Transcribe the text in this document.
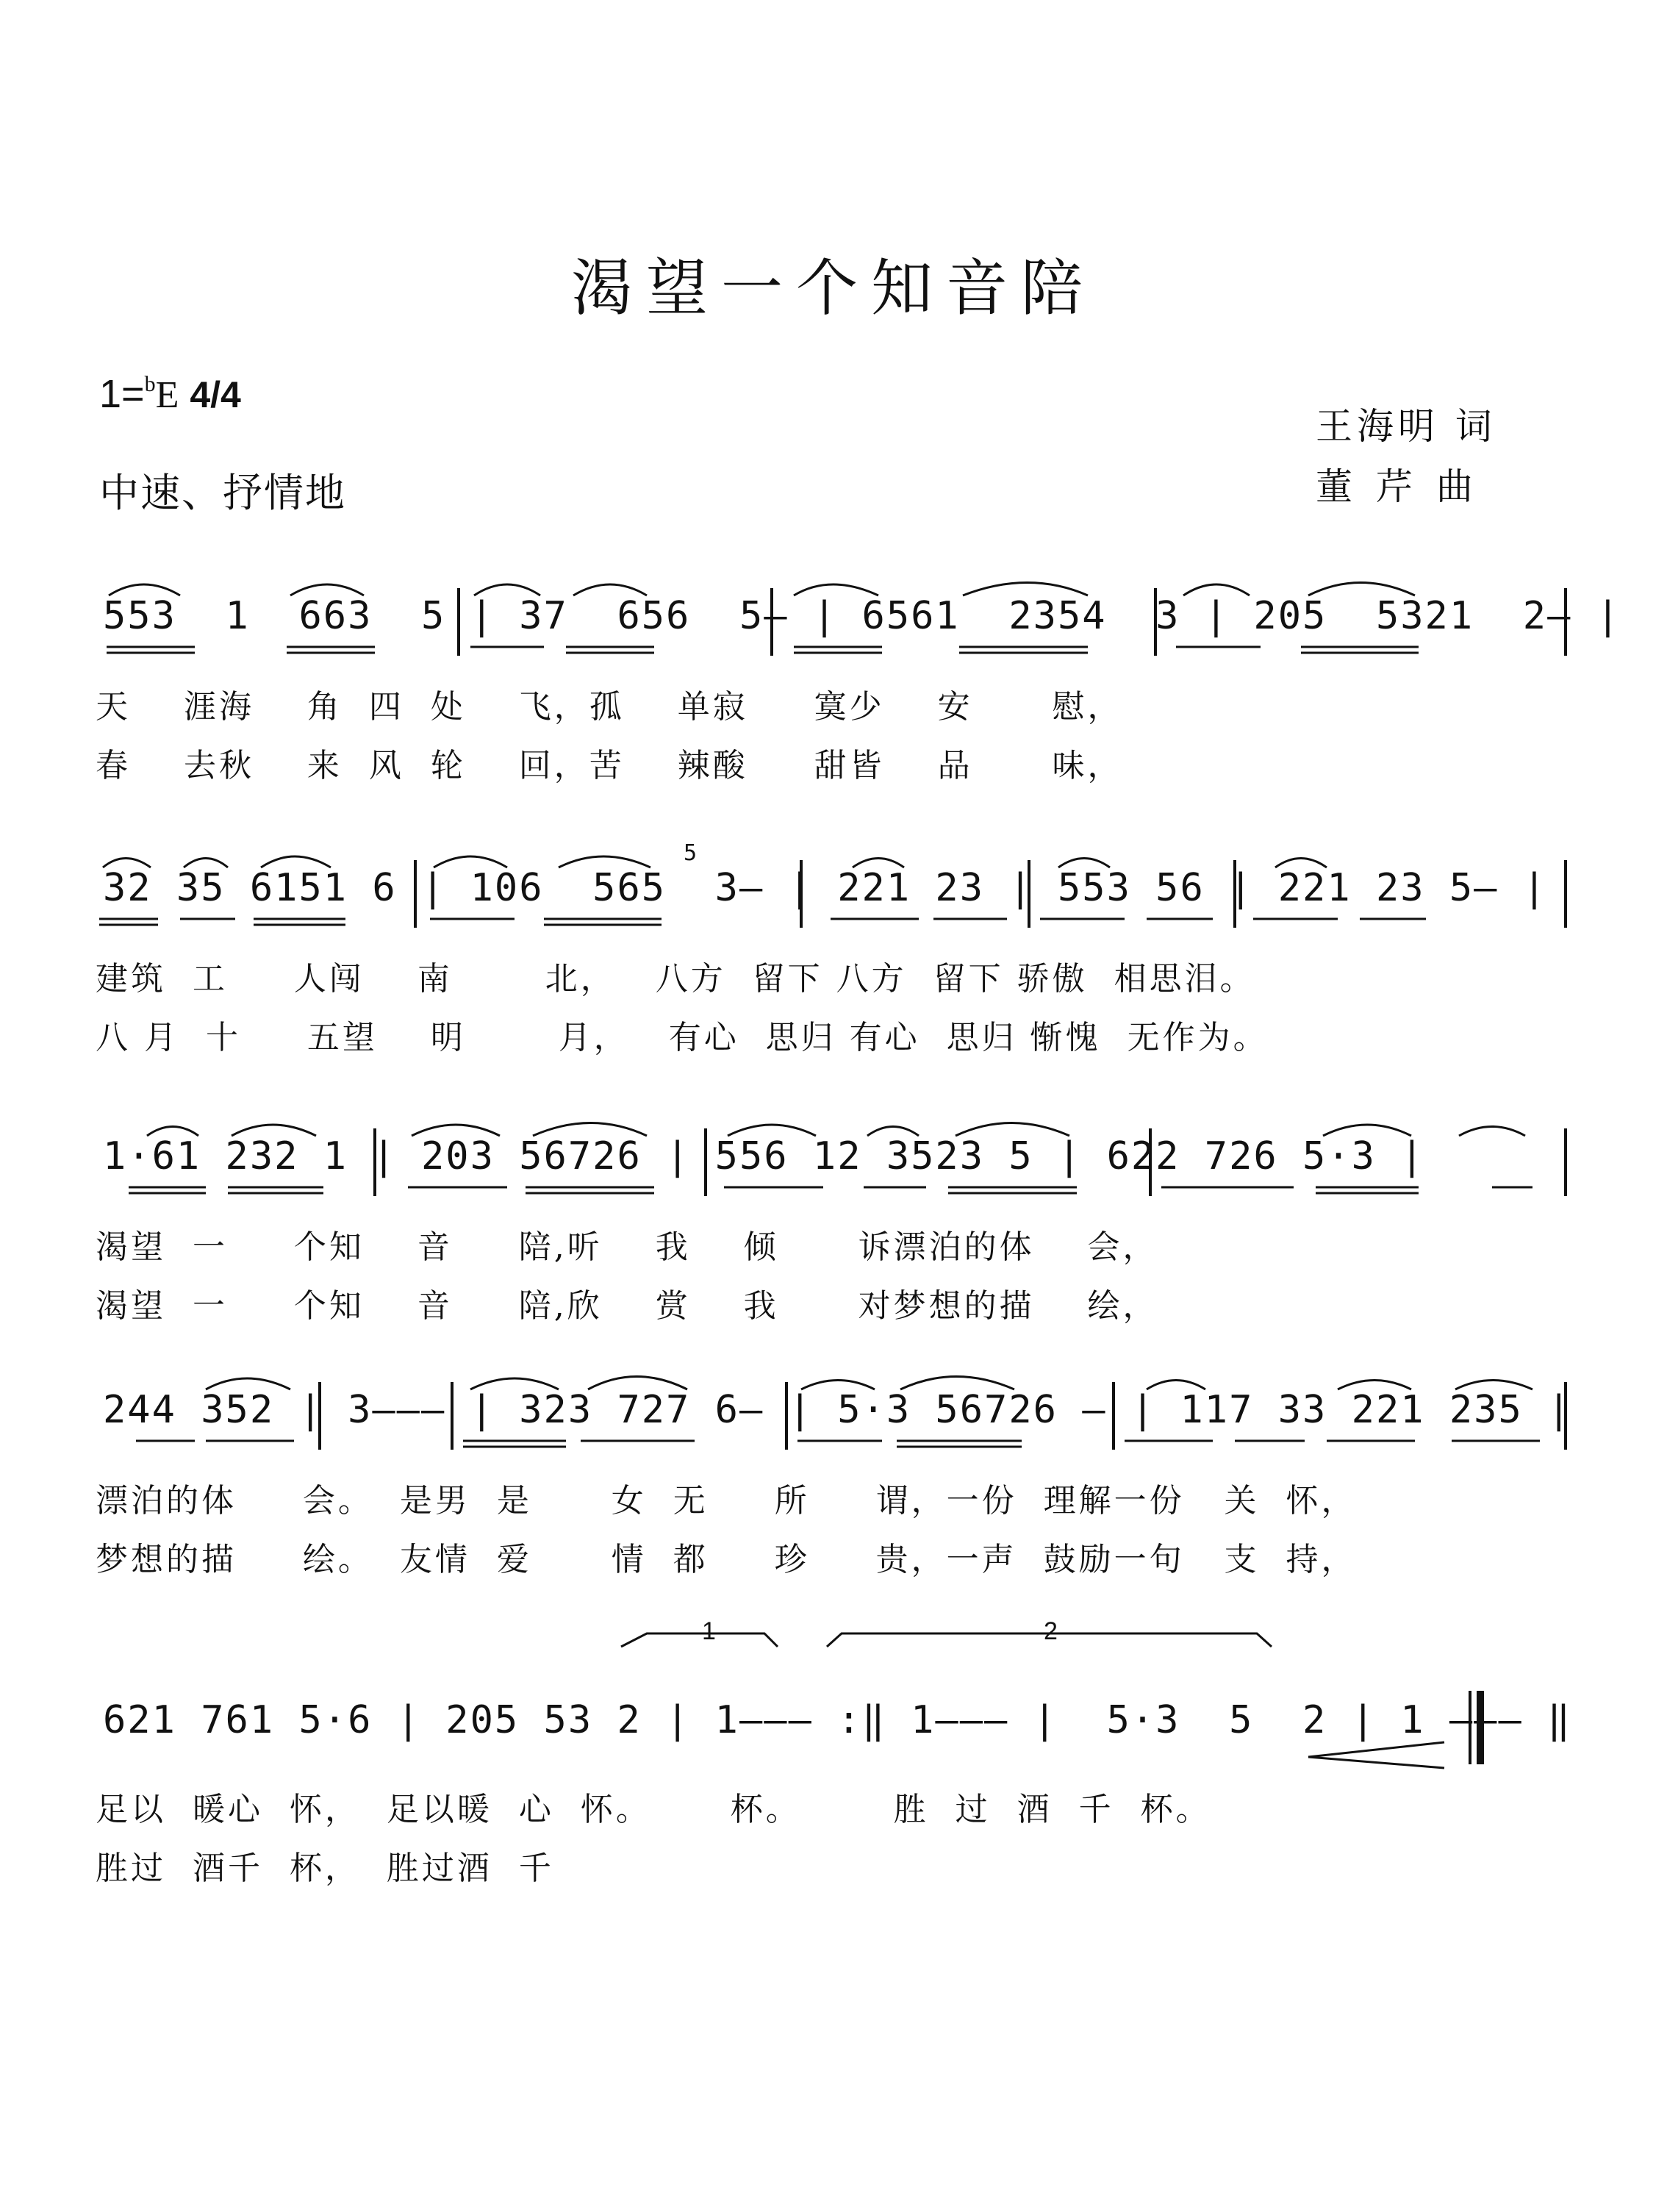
渴望一个知音陪
1=$^b$E 4/4
中速、抒情地
王海明 词
董芹曲
553  1  663  5 | 37  656  5— | 6561  2354  3 | 205  5321  2— |
天    涯海    角  四  处    飞，孤    单寂     寞少    安      慰，
春    去秋    来  风  轮    回，苦    辣酸     甜皆    品      味，
32 35 6151 6 | 106  565  3— | 221 23 | 553 56 | 221 23 5— |
建筑  工     人闯    南       北，   八方  留下 八方  留下 骄傲  相思泪。
八 月  十     五望    明       月，   有心  思归 有心  思归 惭愧  无作为。
5
1·61 232 1 | 203 56726 | 556 12 3523 5 | 622 726 5·3 |
渴望  一     个知    音     陪,听    我    倾      诉漂泊的体    会，
渴望  一     个知    音     陪,欣    赏    我      对梦想的描    绘，
244 352 | 3——— | 323 727 6— | 5·3 56726 — | 117 33 221 235 |
漂泊的体     会。  是男  是      女  无     所     谓，一份  理解一份   关  怀，
梦想的描     绘。  友情  爱      情  都     珍     贵，一声  鼓励一句   支  持，
621 761 5·6 | 205 53 2 | 1——— :‖ 1——— |  5·3  5  2 | 1 ——— ‖
足以  暖心  怀，  足以暖  心  怀。      杯。       胜  过  酒  千  杯。
胜过  酒千  杯，  胜过酒  千
1	2
